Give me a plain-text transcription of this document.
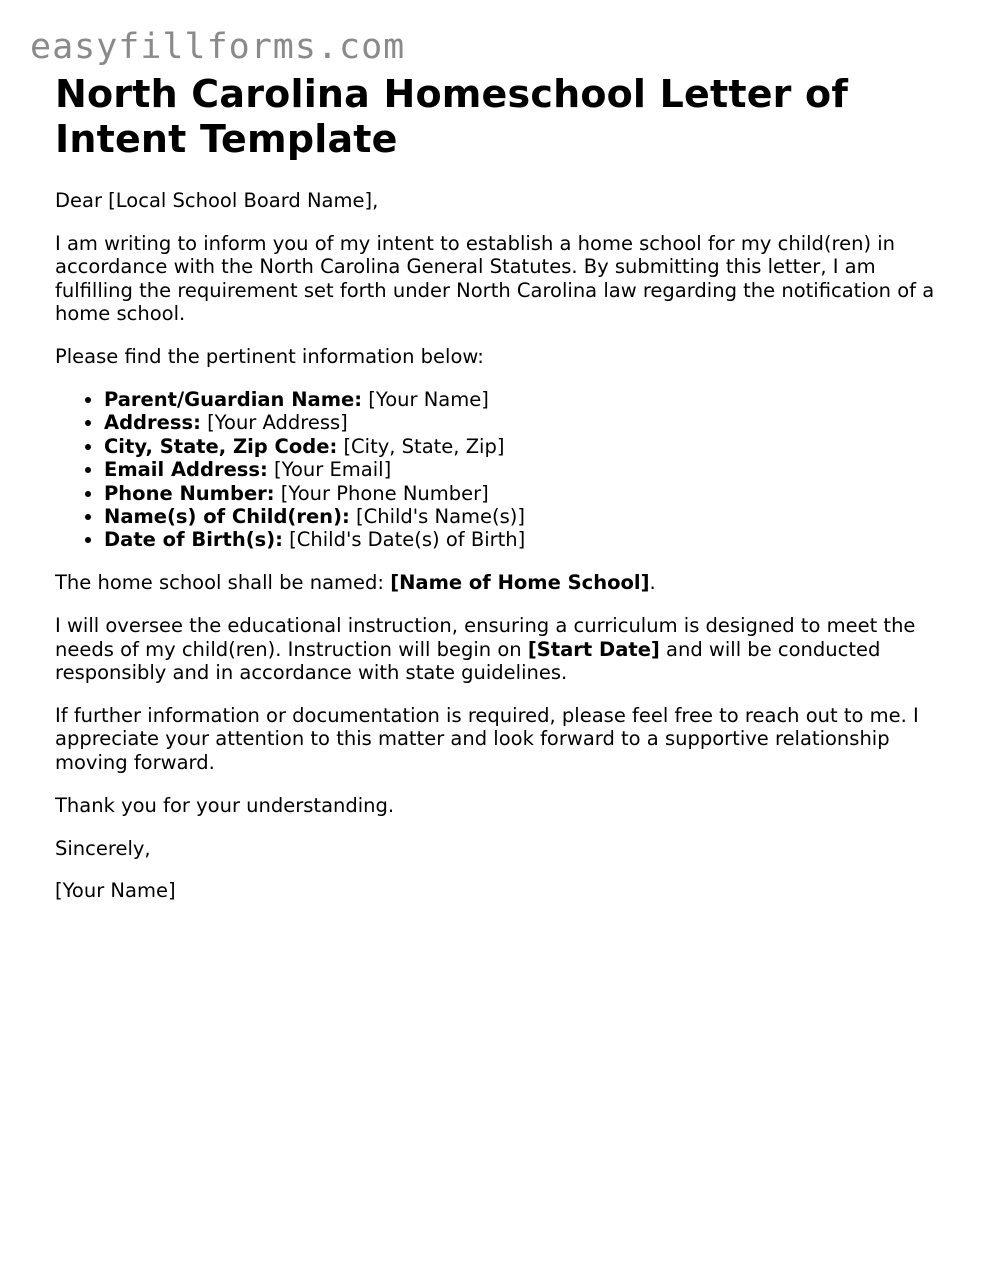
easyfillforms.com
North Carolina Homeschool Letter of Intent Template

Dear [Local School Board Name],

I am writing to inform you of my intent to establish a home school for my child(ren) in accordance with the North Carolina General Statutes. By submitting this letter, I am fulfilling the requirement set forth under North Carolina law regarding the notification of a home school.

Please find the pertinent information below:

• Parent/Guardian Name: [Your Name]
• Address: [Your Address]
• City, State, Zip Code: [City, State, Zip]
• Email Address: [Your Email]
• Phone Number: [Your Phone Number]
• Name(s) of Child(ren): [Child's Name(s)]
• Date of Birth(s): [Child's Date(s) of Birth]

The home school shall be named: [Name of Home School].

I will oversee the educational instruction, ensuring a curriculum is designed to meet the needs of my child(ren). Instruction will begin on [Start Date] and will be conducted responsibly and in accordance with state guidelines.

If further information or documentation is required, please feel free to reach out to me. I appreciate your attention to this matter and look forward to a supportive relationship moving forward.

Thank you for your understanding.

Sincerely,

[Your Name]
